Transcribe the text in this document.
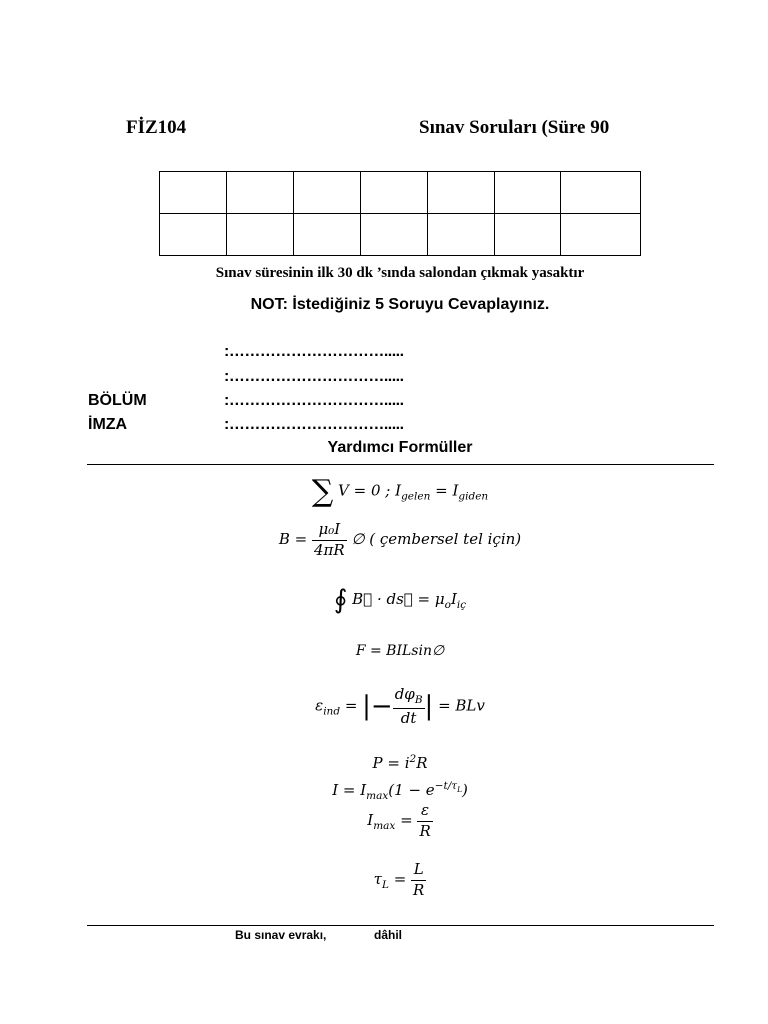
FİZ104	Sınav Soruları (Süre 90

Sınav süresinin ilk 30 dk ’sında salondan çıkmak yasaktır
NOT: İstediğiniz 5 Soruyu Cevaplayınız.
:………………………….....
:………………………….....
BÖLÜM	:………………………….....
İMZA	:………………………….....
Yardımcı Formüller
∑ V = 0 ; $I_{gelen} = I_{giden}$
$B = \frac{\text{μ₀I}}{4\pi R}$ ∅ ( çembersel tel için)
∮ B⃗ · ds⃗ = $\mu_oI_{iç}$
F = BILsin∅
$\varepsilon_{ind}$ = |− $\frac{d\varphi_B}{dt}$ | = BLv
$P = i^2R$
$I = I_{max}(1 - e^{-t/\tau_L})$
$I_{max} = \frac{\varepsilon}{R}$
$\tau_L = \frac{L}{R}$
Bu sınav evrakı,	dâhil
